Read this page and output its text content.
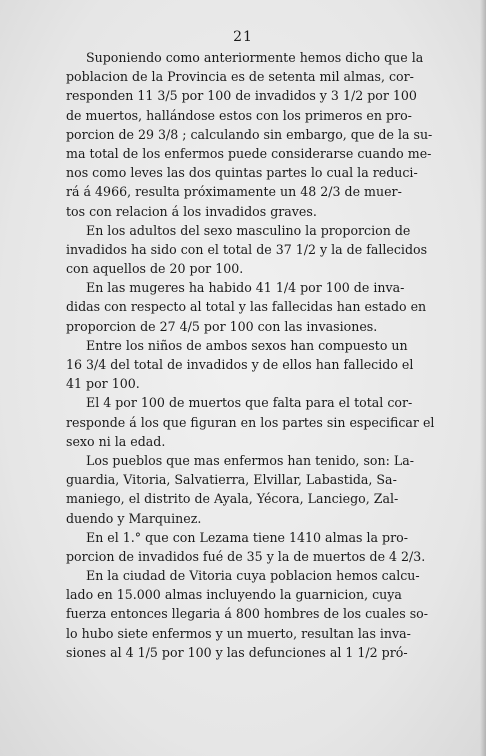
21
Suponiendo como anteriormente hemos dicho que la
poblacion de la Provincia es de setenta mil almas, cor-
responden 11 3/5 por 100 de invadidos y 3 1/2 por 100
de muertos, hallándose estos con los primeros en pro-
porcion de 29 3/8 ; calculando sin embargo, que de la su-
ma total de los enfermos puede considerarse cuando me-
nos como leves las dos quintas partes lo cual la reduci-
rá á 4966, resulta próximamente un 48 2/3 de muer-
tos con relacion á los invadidos graves.
En los adultos del sexo masculino la proporcion de
invadidos ha sido con el total de 37 1/2 y la de fallecidos
con aquellos de 20 por 100.
En las mugeres ha habido 41 1/4 por 100 de inva-
didas con respecto al total y las fallecidas han estado en
proporcion de 27 4/5 por 100 con las invasiones.
Entre los niños de ambos sexos han compuesto un
16 3/4 del total de invadidos y de ellos han fallecido el
41 por 100.
El 4 por 100 de muertos que falta para el total cor-
responde á los que figuran en los partes sin especificar el
sexo ni la edad.
Los pueblos que mas enfermos han tenido, son: La-
guardia, Vitoria, Salvatierra, Elvillar, Labastida, Sa-
maniego, el distrito de Ayala, Yécora, Lanciego, Zal-
duendo y Marquinez.
En el 1.° que con Lezama tiene 1410 almas la pro-
porcion de invadidos fué de 35 y la de muertos de 4 2/3.
En la ciudad de Vitoria cuya poblacion hemos calcu-
lado en 15.000 almas incluyendo la guarnicion, cuya
fuerza entonces llegaria á 800 hombres de los cuales so-
lo hubo siete enfermos y un muerto, resultan las inva-
siones al 4 1/5 por 100 y las defunciones al 1 1/2 pró-
